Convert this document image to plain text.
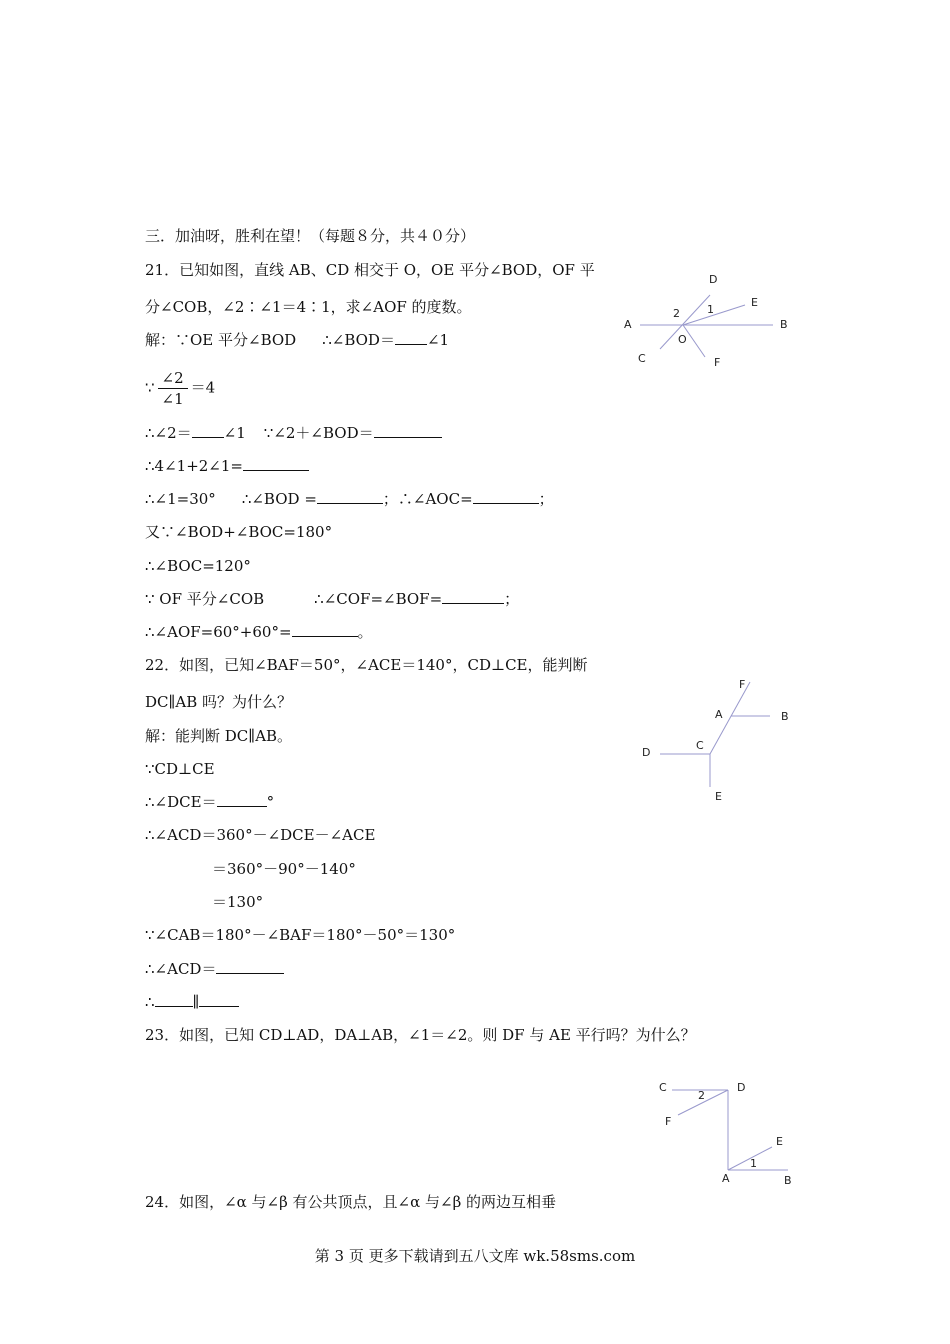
三．加油呀，胜利在望！（每题８分，共４０分）
21．已知如图，直线 AB、CD 相交于 O，OE 平分∠BOD，OF 平
分∠COB，∠2∶∠1＝4∶1，求∠AOF 的度数。
解：∵OE 平分∠BOD ∴∠BOD＝ ∠1
∵ $\frac{\angle 2}{\angle 1} =4$
∴∠2＝ ∠1 ∵∠2＋∠BOD＝
∴4∠1+2∠1=
∴∠1=30° ∴∠BOD =	；∴∠AOC=	；
又∵∠BOD+∠BOC=180°
∴∠BOC=120°
∵ OF 平分∠COB	∴∠COF=∠BOF=	；
∴∠AOF=60°+60°=	。
D
E
A	B
2 1
O
C	F
22．如图，已知∠BAF＝50°，∠ACE＝140°，CD⊥CE，能判断
DC∥AB 吗？为什么？
解：能判断 DC∥AB。
∵CD⊥CE
∴∠DCE＝	°
∴∠ACD＝360°－∠DCE－∠ACE
＝360°－90°－140°
＝130°
∵∠CAB＝180°－∠BAF＝180°－50°＝130°
∴∠ACD＝
∴	∥
F
A	B
C
D
E
23．如图，已知 CD⊥AD，DA⊥AB，∠1＝∠2。则 DF 与 AE 平行吗？为什么？
C	D
2
F
E
1
A	B
24．如图，∠α 与∠β 有公共顶点，且∠α 与∠β 的两边互相垂
第 3 页 更多下载请到五八文库 wk.58sms.com
